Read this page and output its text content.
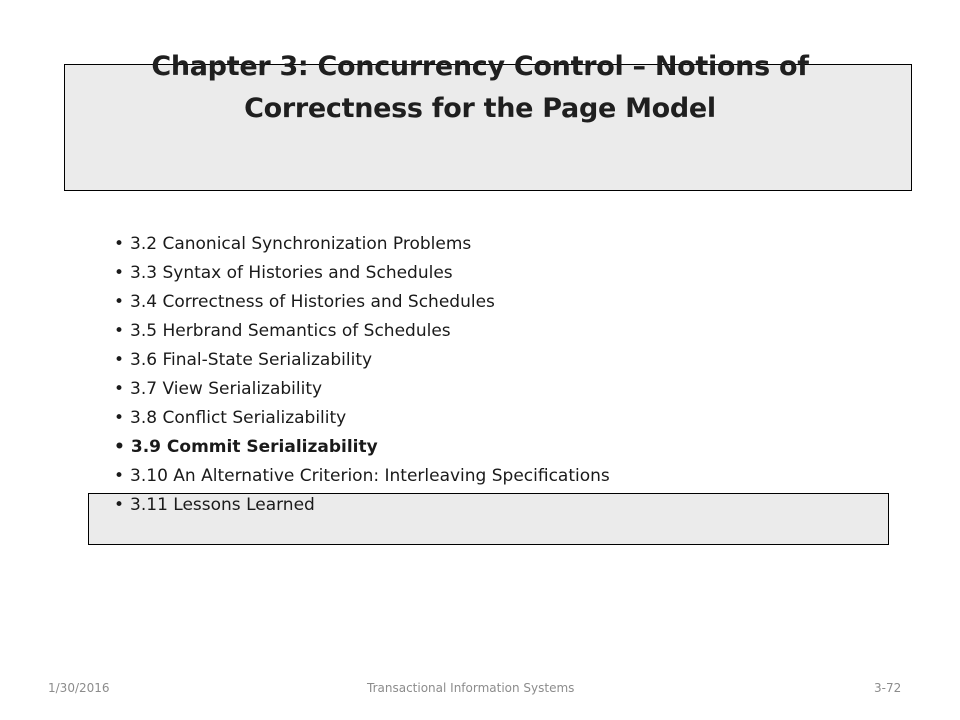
Chapter 3: Concurrency Control – Notions of
Correctness for the Page Model
• 3.2 Canonical Synchronization Problems
• 3.3 Syntax of Histories and Schedules
• 3.4 Correctness of Histories and Schedules
• 3.5 Herbrand Semantics of Schedules
• 3.6 Final-State Serializability
• 3.7 View Serializability
• 3.8 Conflict Serializability
• 3.9 Commit Serializability
• 3.10 An Alternative Criterion: Interleaving Specifications
• 3.11 Lessons Learned
1/30/2016	Transactional Information Systems	3-72
